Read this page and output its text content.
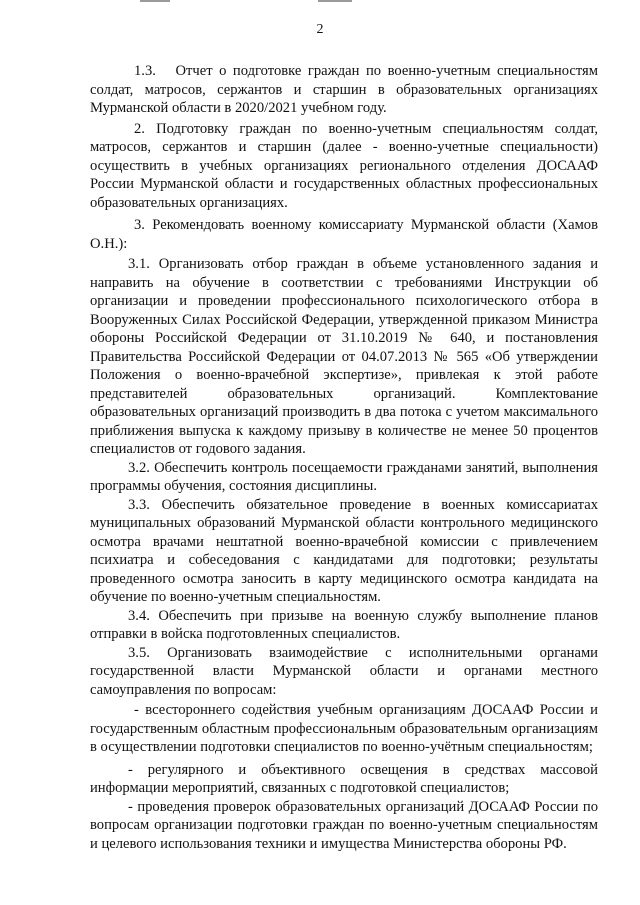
2

1.3.   Отчет о подготовке граждан по военно-учетным специальностям солдат, матросов, сержантов и старшин в образовательных организациях Мурманской области в 2020/2021 учебном году.

2. Подготовку граждан по военно-учетным специальностям солдат, матросов, сержантов и старшин (далее - военно-учетные специальности) осуществить в учебных организациях регионального отделения ДОСААФ России Мурманской области и государственных областных профессиональных образовательных организациях.

3. Рекомендовать военному комиссариату Мурманской области (Хамов О.Н.):

3.1. Организовать отбор граждан в объеме установленного задания и направить на обучение в соответствии с требованиями Инструкции об организации и проведении профессионального психологического отбора в Вооруженных Силах Российской Федерации, утвержденной приказом Министра обороны Российской Федерации от 31.10.2019 № 640, и постановления Правительства Российской Федерации от 04.07.2013 № 565 «Об утверждении Положения о военно-врачебной экспертизе», привлекая к этой работе представителей образовательных организаций. Комплектование образовательных организаций производить в два потока с учетом максимального приближения выпуска к каждому призыву в количестве не менее 50 процентов специалистов от годового задания.

3.2. Обеспечить контроль посещаемости гражданами занятий, выполнения программы обучения, состояния дисциплины.

3.3. Обеспечить обязательное проведение в военных комиссариатах муниципальных образований Мурманской области контрольного медицинского осмотра врачами нештатной военно-врачебной комиссии с привлечением психиатра и собеседования с кандидатами для подготовки; результаты проведенного осмотра заносить в карту медицинского осмотра кандидата на обучение по военно-учетным специальностям.

3.4. Обеспечить при призыве на военную службу выполнение планов отправки в войска подготовленных специалистов.

3.5. Организовать взаимодействие с исполнительными органами государственной власти Мурманской области и органами местного самоуправления по вопросам:

- всестороннего содействия учебным организациям ДОСААФ России и государственным областным профессиональным образовательным организациям в осуществлении подготовки специалистов по военно-учётным специальностям;

- регулярного и объективного освещения в средствах массовой информации мероприятий, связанных с подготовкой специалистов;

- проведения проверок образовательных организаций ДОСААФ России по вопросам организации подготовки граждан по военно-учетным специальностям и целевого использования техники и имущества Министерства обороны РФ.
